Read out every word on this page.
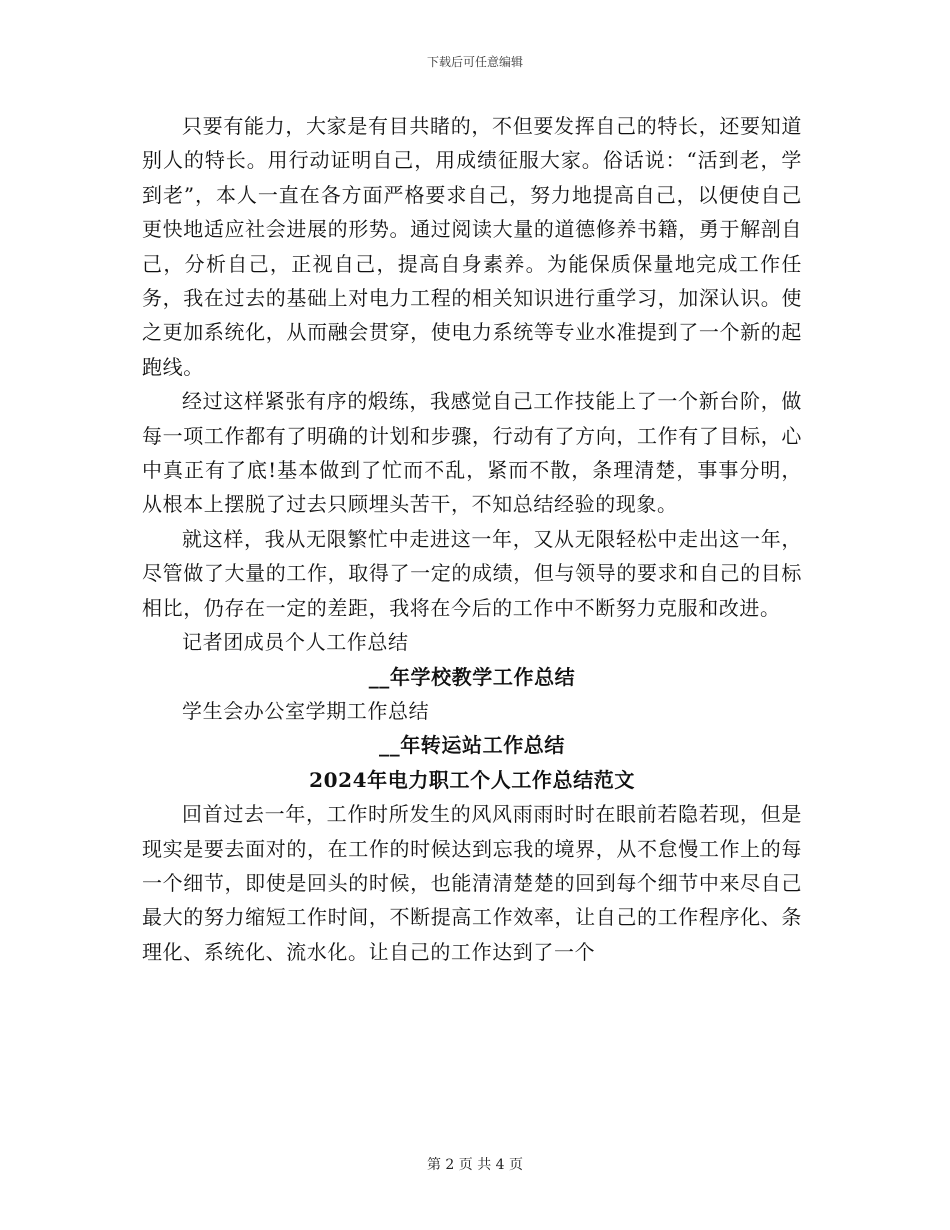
下载后可任意编辑

只要有能力，大家是有目共睹的，不但要发挥自己的特长，还要知道别人的特长。用行动证明自己，用成绩征服大家。俗话说：“活到老，学到老”，本人一直在各方面严格要求自己，努力地提高自己，以便使自己更快地适应社会进展的形势。通过阅读大量的道德修养书籍，勇于解剖自己，分析自己，正视自己，提高自身素养。为能保质保量地完成工作任务，我在过去的基础上对电力工程的相关知识进行重学习，加深认识。使之更加系统化，从而融会贯穿，使电力系统等专业水准提到了一个新的起跑线。

经过这样紧张有序的煅练，我感觉自己工作技能上了一个新台阶，做每一项工作都有了明确的计划和步骤，行动有了方向，工作有了目标，心中真正有了底!基本做到了忙而不乱，紧而不散，条理清楚，事事分明，从根本上摆脱了过去只顾埋头苦干，不知总结经验的现象。

就这样，我从无限繁忙中走进这一年，又从无限轻松中走出这一年，尽管做了大量的工作，取得了一定的成绩，但与领导的要求和自己的目标相比，仍存在一定的差距，我将在今后的工作中不断努力克服和改进。

记者团成员个人工作总结

__年学校教学工作总结

学生会办公室学期工作总结

__年转运站工作总结

2024年电力职工个人工作总结范文

回首过去一年，工作时所发生的风风雨雨时时在眼前若隐若现，但是现实是要去面对的，在工作的时候达到忘我的境界，从不怠慢工作上的每一个细节，即使是回头的时候，也能清清楚楚的回到每个细节中来尽自己最大的努力缩短工作时间，不断提高工作效率，让自己的工作程序化、条理化、系统化、流水化。让自己的工作达到了一个

第 2 页 共 4 页
